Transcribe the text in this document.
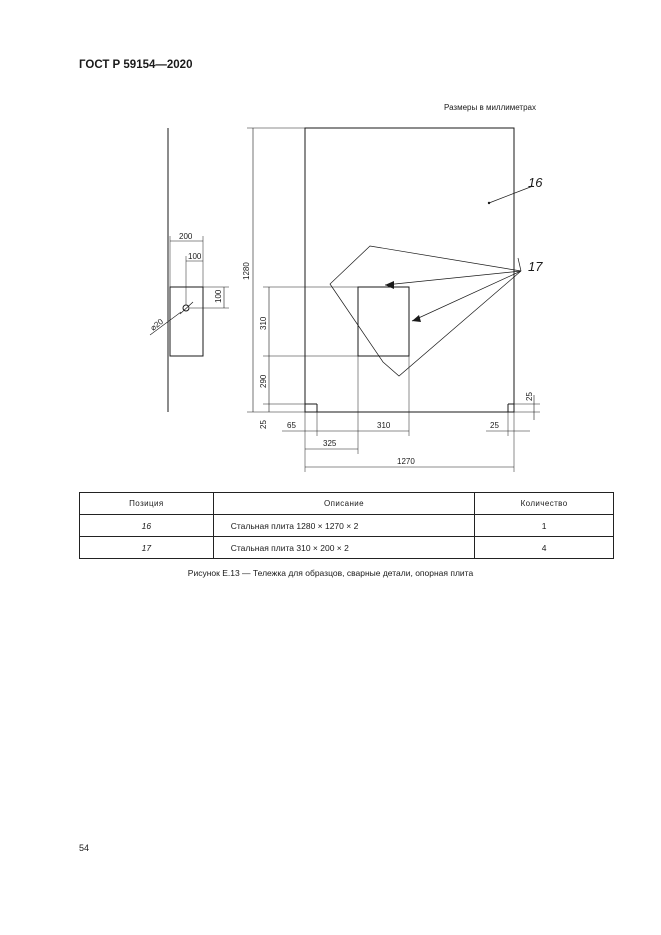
ГОСТ Р 59154—2020
Размеры в миллиметрах
200
100
100
⌀20
1280
310
290
25 65	310	25
25
325
1270
16
17
Позиция	Описание	Количество
16	Стальная плита 1280 × 1270 × 2	1
17	Стальная плита 310 × 200 × 2	4
Рисунок Е.13 — Тележка для образцов, сварные детали, опорная плита
54
